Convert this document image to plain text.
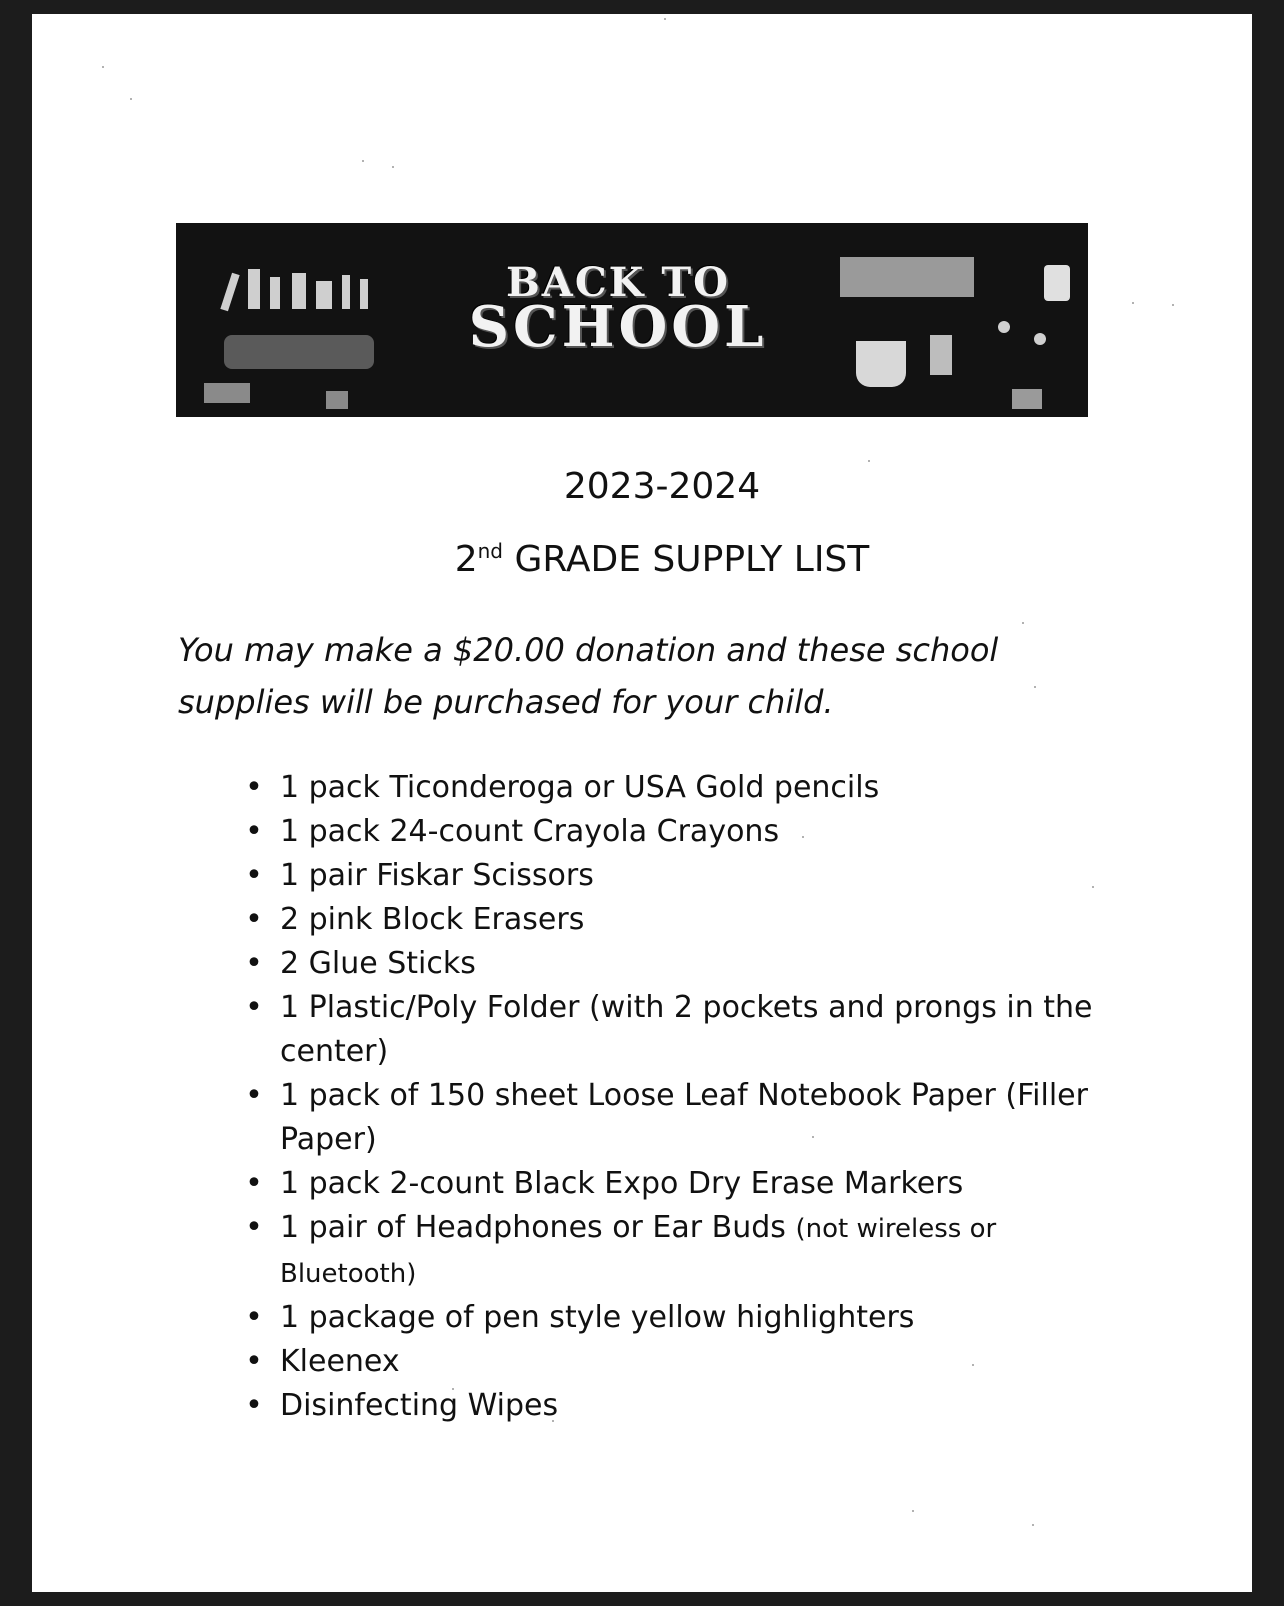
BACK TO
SCHOOL
2023-2024
2nd GRADE SUPPLY LIST
You may make a $20.00 donation and these school
supplies will be purchased for your child.
• 1 pack Ticonderoga or USA Gold pencils
• 1 pack 24-count Crayola Crayons
• 1 pair Fiskar Scissors
• 2 pink Block Erasers
• 2 Glue Sticks
• 1 Plastic/Poly Folder (with 2 pockets and prongs in the center)
• 1 pack of 150 sheet Loose Leaf Notebook Paper (Filler Paper)
• 1 pack 2-count Black Expo Dry Erase Markers
• 1 pair of Headphones or Ear Buds (not wireless or Bluetooth)
• 1 package of pen style yellow highlighters
• Kleenex
• Disinfecting Wipes
